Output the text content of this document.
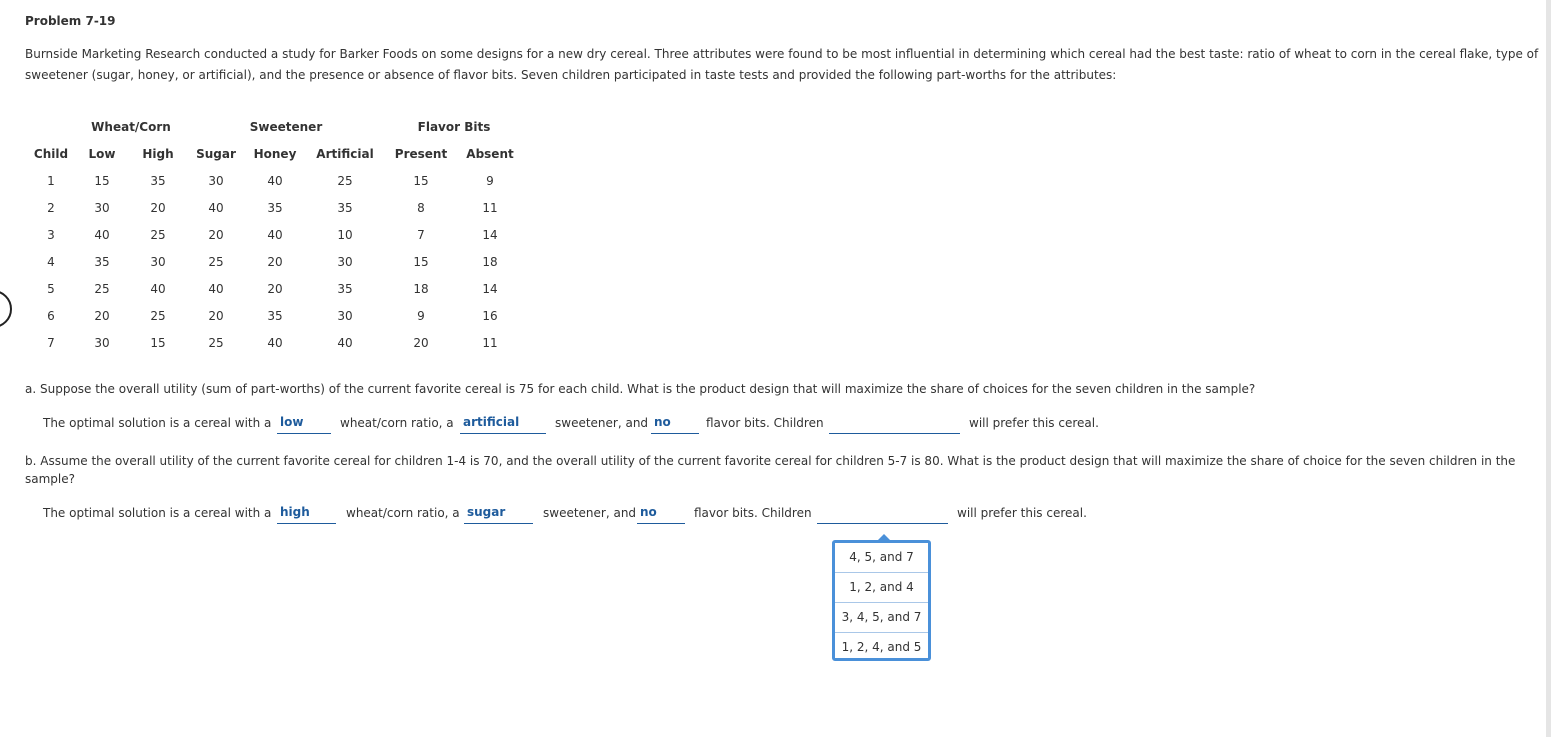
Problem 7-19
Burnside Marketing Research conducted a study for Barker Foods on some designs for a new dry cereal. Three attributes were found to be most influential in determining which cereal had the best taste: ratio of wheat to corn in the cereal flake, type of sweetener (sugar, honey, or artificial), and the presence or absence of flavor bits. Seven children participated in taste tests and provided the following part-worths for the attributes:
Wheat/Corn	Sweetener	Flavor Bits
Child Low High Sugar Honey Artificial Present Absent
1	15	35	30	40	25	15	9
2	30	20	40	35	35	8	11
3	40	25	20	40	10	7	14
4	35	30	25	20	30	15	18
5	25	40	40	20	35	18	14
6	20	25	20	35	30	9	16
7	30	15	25	40	40	20	11
a. Suppose the overall utility (sum of part-worths) of the current favorite cereal is 75 for each child. What is the product design that will maximize the share of choices for the seven children in the sample?
The optimal solution is a cereal with a low	wheat/corn ratio, a artificial	sweetener, and no	flavor bits. Children	will prefer this cereal.
b. Assume the overall utility of the current favorite cereal for children 1-4 is 70, and the overall utility of the current favorite cereal for children 5-7 is 80. What is the product design that will maximize the share of choice for the seven children in the sample?
The optimal solution is a cereal with a high	wheat/corn ratio, a sugar	sweetener, and no	flavor bits. Children	will prefer this cereal.
4, 5, and 7
1, 2, and 4
3, 4, 5, and 7
1, 2, 4, and 5
